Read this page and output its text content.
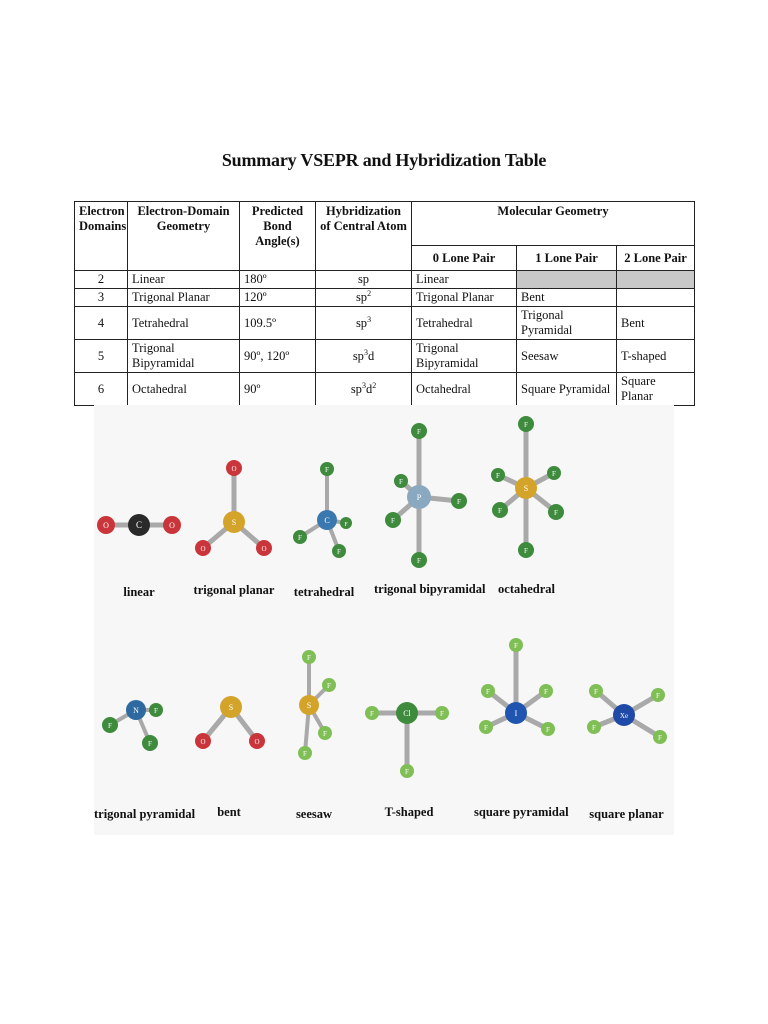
Summary VSEPR and Hybridization Table
Electron Domains	Electron-Domain Geometry	Predicted Bond Angle(s)	Hybridization of Central Atom	Molecular Geometry		
				0 Lone Pair	1 Lone Pair	2 Lone Pair
2	Linear	180º	sp	Linear		
3	Trigonal Planar	120º	$sp^2$	Trigonal Planar	Bent	
4	Tetrahedral	109.5º	$sp^3$	Tetrahedral	Trigonal Pyramidal	Bent
5	Trigonal Bipyramidal	90º, 120º	$sp^3d$	Trigonal Bipyramidal	Seesaw	T-shaped
6	Octahedral	90º	$sp^3d^2$	Octahedral	Square Pyramidal	Square Planar
O	C	O
linear
O
O	O
S
trigonal planar
F
F
F
F
C
tetrahedral
F
F
F
F
F
P
trigonal bipyramidal
F
F
F	F
F	F
S
octahedral
F
F
F
N
trigonal pyramidal
O	O
S
bent
F
F
F
F
S
seesaw
F	F
F
Cl
T-shaped
F
F	F
F	F
I
square pyramidal
F	F
F
F
Xe
square planar
